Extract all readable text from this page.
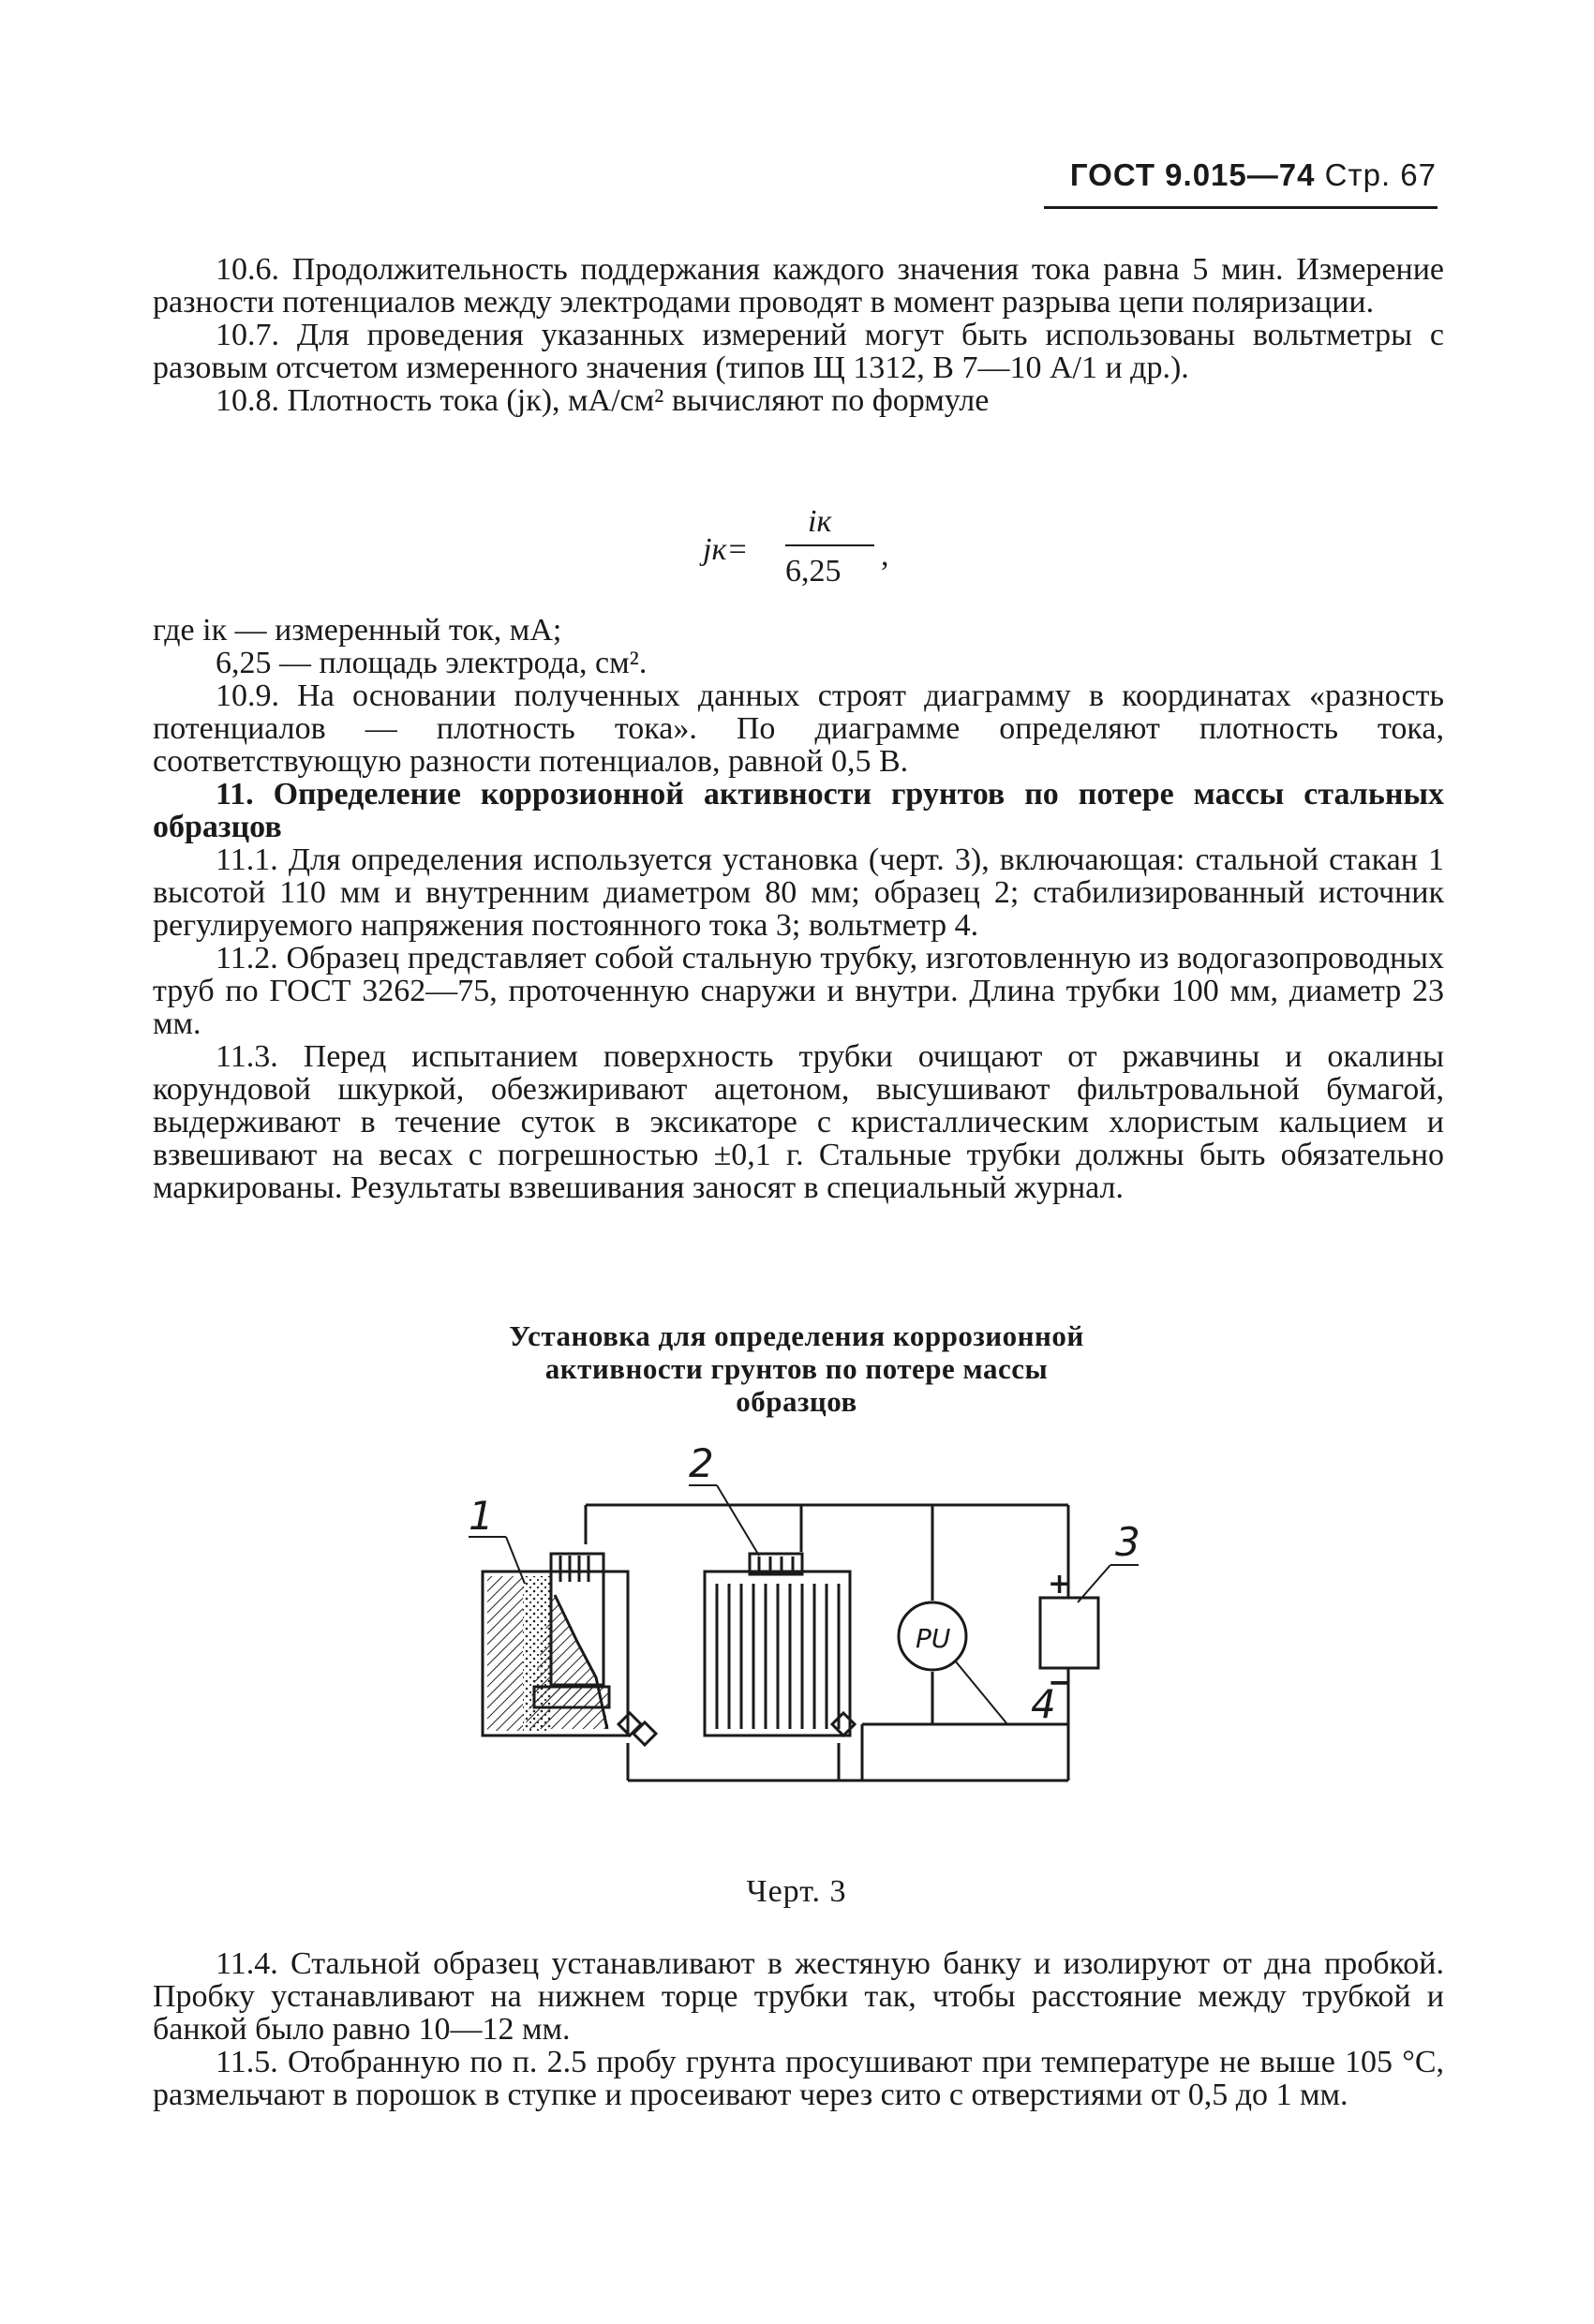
ГОСТ 9.015—74 Стр. 67

10.6. Продолжительность поддержания каждого значения тока равна 5 мин. Измерение разности потенциалов между электродами проводят в момент разрыва цепи поляризации.

10.7. Для проведения указанных измерений могут быть использованы вольтметры с разовым отсчетом измеренного значения (типов Щ 1312, В 7—10 А/1 и др.).

10.8. Плотность тока (jк), мА/см² вычисляют по формуле

jк=
iк
6,25 ,

где iк — измеренный ток, мА;

6,25 — площадь электрода, см².

10.9. На основании полученных данных строят диаграмму в координатах «разность потенциалов — плотность тока». По диаграмме определяют плотность тока, соответствующую разности потенциалов, равной 0,5 В.

11. Определение коррозионной активности грунтов по потере массы стальных образцов

11.1. Для определения используется установка (черт. 3), включающая: стальной стакан 1 высотой 110 мм и внутренним диаметром 80 мм; образец 2; стабилизированный источник регулируемого напряжения постоянного тока 3; вольтметр 4.

11.2. Образец представляет собой стальную трубку, изготовленную из водогазопроводных труб по ГОСТ 3262—75, проточенную снаружи и внутри. Длина трубки 100 мм, диаметр 23 мм.

11.3. Перед испытанием поверхность трубки очищают от ржавчины и окалины корундовой шкуркой, обезжиривают ацетоном, высушивают фильтровальной бумагой, выдерживают в течение суток в эксикаторе с кристаллическим хлористым кальцием и взвешивают на весах с погрешностью ±0,1 г. Стальные трубки должны быть обязательно маркированы. Результаты взвешивания заносят в специальный журнал.

Установка для определения коррозионной
активности грунтов по потере массы
образцов
1
2
3
4
PU
+
−
Черт. 3

11.4. Стальной образец устанавливают в жестяную банку и изолируют от дна пробкой. Пробку устанавливают на нижнем торце трубки так, чтобы расстояние между трубкой и банкой было равно 10—12 мм.

11.5. Отобранную по п. 2.5 пробу грунта просушивают при температуре не выше 105 °С, размельчают в порошок в ступке и просеивают через сито с отверстиями от 0,5 до 1 мм.
